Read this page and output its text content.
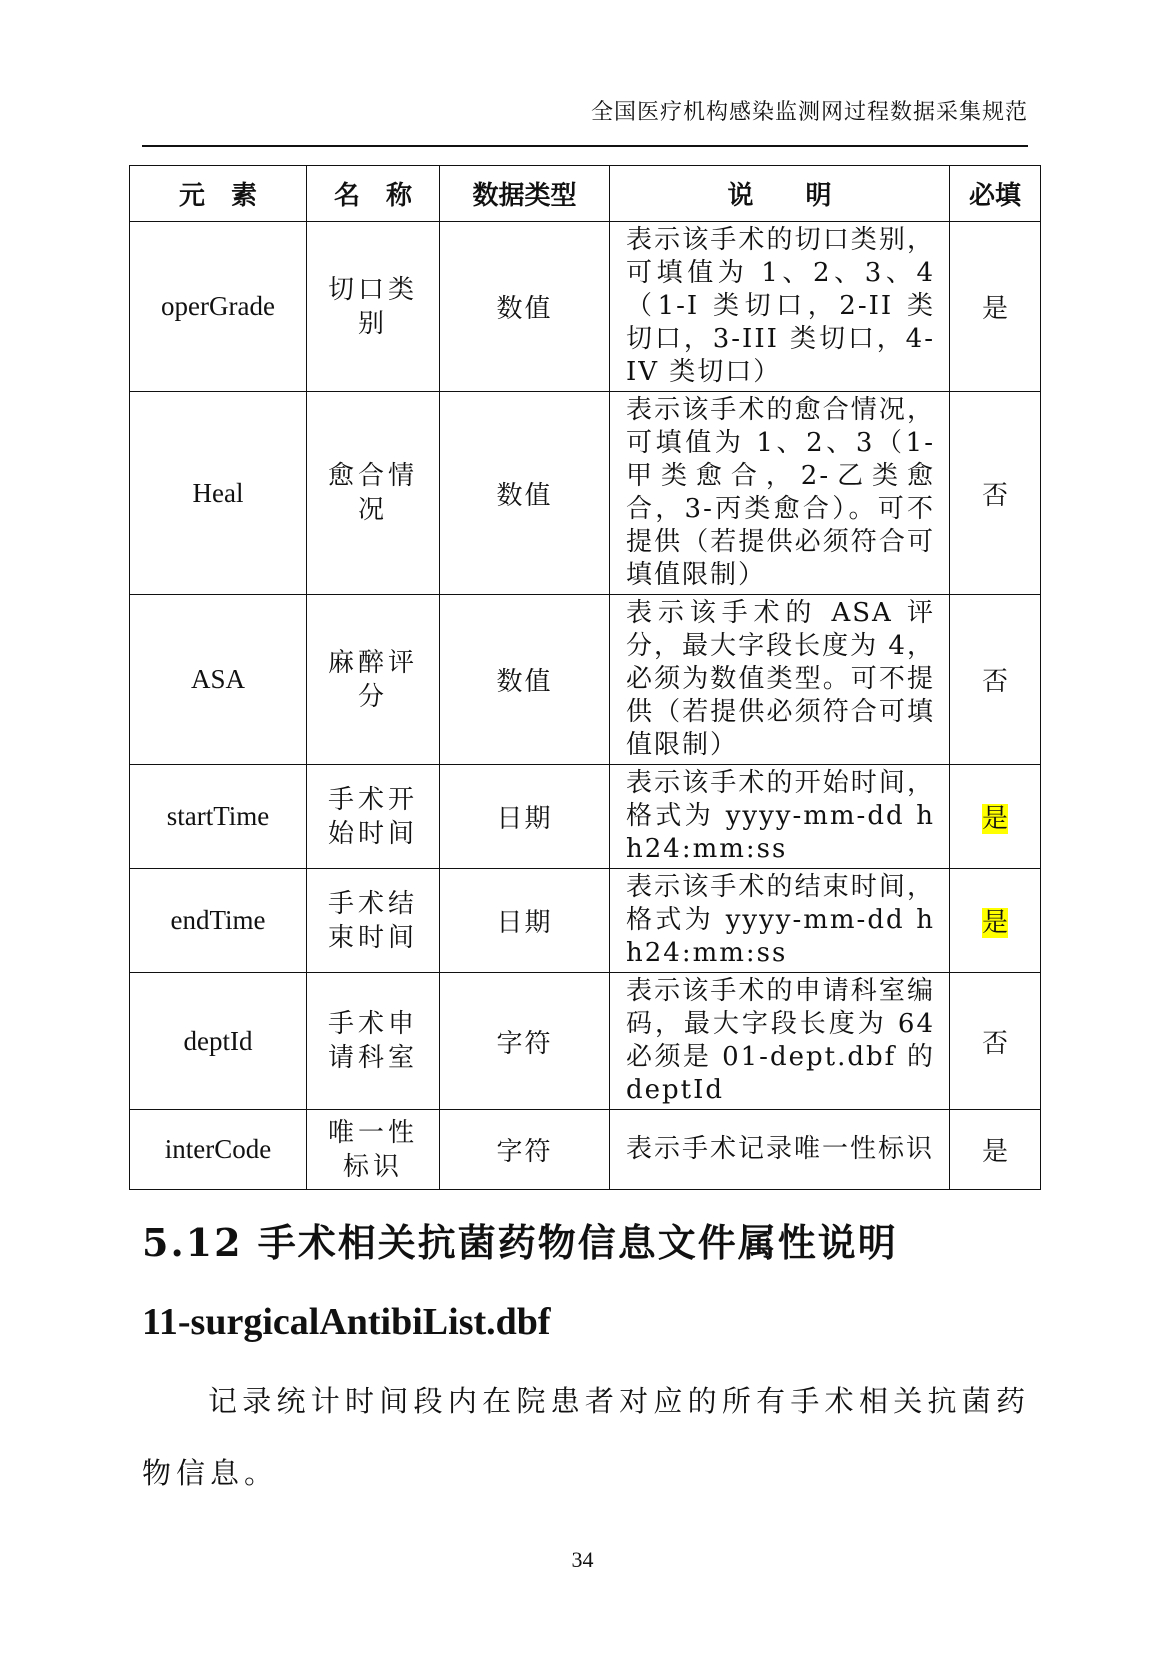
全国医疗机构感染监测网过程数据采集规范
元　素	名　称	数据类型	说　　明	必填
operGrade	切口类别	数值	表示该手术的切口类别，可填值为 1、2、3、4（1-I 类切口，2-II 类切口，3-III 类切口，4-IV 类切口）	是
Heal	愈合情况	数值	表示该手术的愈合情况，可填值为 1、2、3（1-甲类愈合，2-乙类愈合，3-丙类愈合）。可不提供（若提供必须符合可填值限制）	否
ASA	麻醉评分	数值	表示该手术的 ASA 评分，最大字段长度为 4，必须为数值类型。可不提供（若提供必须符合可填值限制）	否
startTime	手术开始时间	日期	表示该手术的开始时间，格式为 yyyy-mm-dd hh24:mm:ss	是
endTime	手术结束时间	日期	表示该手术的结束时间，格式为 yyyy-mm-dd hh24:mm:ss	是
deptId	手术申请科室	字符	表示该手术的申请科室编码，最大字段长度为 64 必须是 01-dept.dbf 的 deptId	否
interCode	唯一性标识	字符	表示手术记录唯一性标识	是
5.12 手术相关抗菌药物信息文件属性说明
11-surgicalAntibiList.dbf
记录统计时间段内在院患者对应的所有手术相关抗菌药物信息。
34
